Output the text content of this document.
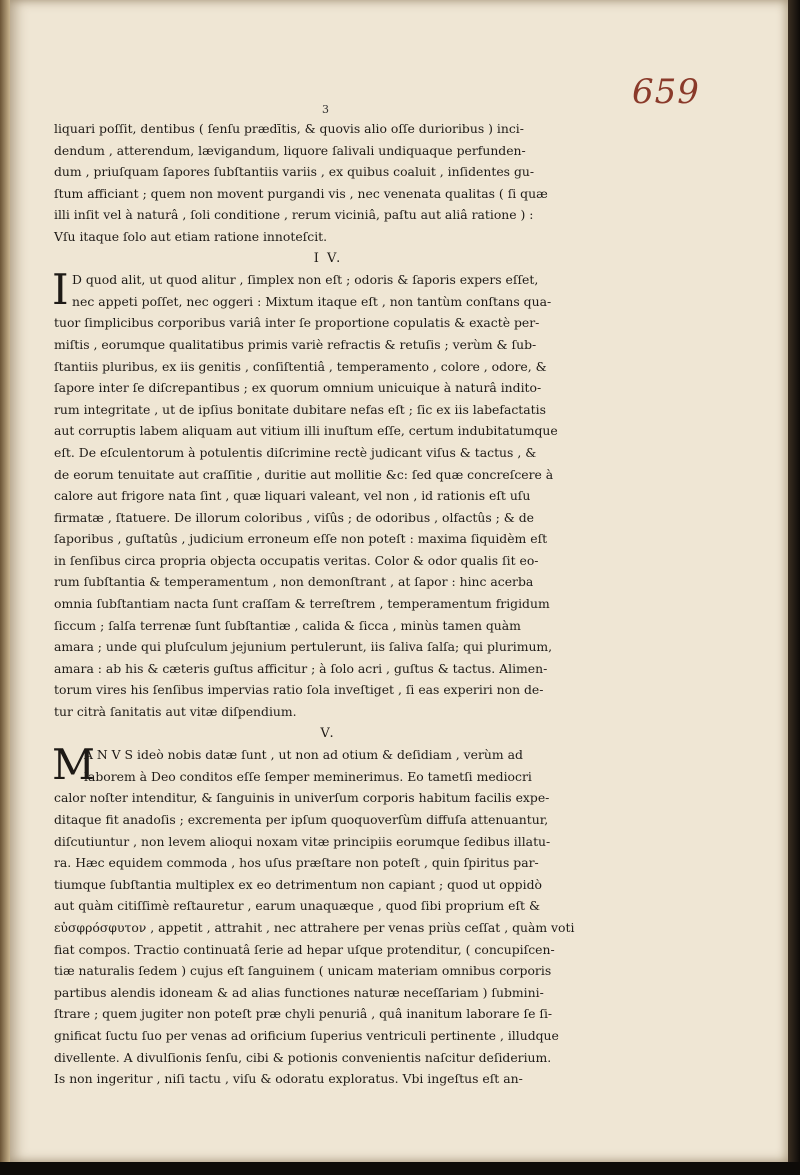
659
3
liquari poſſit, dentibus ( ſenſu prædītis, & quovis alio oſſe durioribus ) inci-
dendum , atterendum, lævigandum, liquore ſalivali undiquaque perfunden-
dum , priuſquam ſapores ſubſtantiis variis , ex quibus coaluit , inſidentes gu-
ſtum afficiant ; quem non movent purgandi vis , nec venenata qualitas ( ſi quæ
illi inſit vel à naturâ , ſoli conditione , rerum viciniâ, paſtu aut aliâ ratione ) :
Vſu itaque ſolo aut etiam ratione innoteſcit.
I V.
I D quod alit, ut quod alitur , ſimplex non eſt ; odoris & ſaporis expers eſſet,
nec appeti poſſet, nec oggeri : Mixtum itaque eſt , non tantùm conſtans qua-
tuor ſimplicibus corporibus variâ inter ſe proportione copulatis & exactè per-
miſtis , eorumque qualitatibus primis variè refractis & retuſis ; verùm & ſub-
ſtantiis pluribus, ex iis genitis , conſiſtentiâ , temperamento , colore , odore, &
ſapore inter ſe diſcrepantibus ; ex quorum omnium unicuique à naturâ indito-
rum integritate , ut de ipſius bonitate dubitare nefas eſt ; ſic ex iis labefactatis
aut corruptis labem aliquam aut vitium illi inuſtum eſſe, certum indubitatumque
eſt. De eſculentorum à potulentis diſcrimine rectè judicant viſus & tactus , &
de eorum tenuitate aut craſſitie , duritie aut mollitie &c: ſed quæ concreſcere à
calore aut frigore nata ſint , quæ liquari valeant, vel non , id rationis eſt uſu
firmatæ , ſtatuere. De illorum coloribus , viſûs ; de odoribus , olfactûs ; & de
ſaporibus , guſtatûs , judicium erroneum eſſe non poteſt : maxima ſiquidèm eſt
in ſenſibus circa propria objecta occupatis veritas. Color & odor qualis ſit eo-
rum ſubſtantia & temperamentum , non demonſtrant , at ſapor : hinc acerba
omnia ſubſtantiam nacta ſunt craſſam & terreſtrem , temperamentum frigidum
ſiccum ; ſalſa terrenæ ſunt ſubſtantiæ , calida & ſicca , minùs tamen quàm
amara ; unde qui pluſculum jejunium pertulerunt, iis ſaliva ſalſa; qui plurimum,
amara : ab his & cæteris guſtus afficitur ; à ſolo acri , guſtus & tactus. Alimen-
torum vires his ſenſibus impervias ratio ſola inveſtiget , ſi eas experiri non de-
tur citrà ſanitatis aut vitæ diſpendium.
V.
M
A N V S ideò nobis datæ ſunt , ut non ad otium & deſidiam , verùm ad
laborem à Deo conditos eſſe ſemper meminerimus. Eo tametſi mediocri
calor noſter intenditur, & ſanguinis in univerſum corporis habitum facilis expe-
ditaque fit anadoſis ; excrementa per ipſum quoquoverſùm diffuſa attenuantur,
diſcutiuntur , non levem alioqui noxam vitæ principiis eorumque ſedibus illatu-
ra. Hæc equidem commoda , hos uſus præſtare non poteſt , quin ſpiritus par-
tiumque ſubſtantia multiplex ex eo detrimentum non capiant ; quod ut oppidò
aut quàm citiſſimè reſtauretur , earum unaquæque , quod ſibi proprium eſt &
εὐσφρόσφυτον , appetit , attrahit , nec attrahere per venas priùs ceſſat , quàm voti
fiat compos. Tractio continuatâ ſerie ad hepar uſque protenditur, ( concupiſcen-
tiæ naturalis ſedem ) cujus eſt ſanguinem ( unicam materiam omnibus corporis
partibus alendis idoneam & ad alias functiones naturæ neceſſariam ) ſubmini-
ſtrare ; quem jugiter non poteſt præ chyli penuriâ , quâ inanitum laborare ſe ſi-
gnificat ſuctu ſuo per venas ad orificium ſuperius ventriculi pertinente , illudque
divellente. A divulſionis ſenſu, cibi & potionis convenientis naſcitur deſiderium.
Is non ingeritur , niſi tactu , viſu & odoratu exploratus. Vbi ingeſtus eſt an-
